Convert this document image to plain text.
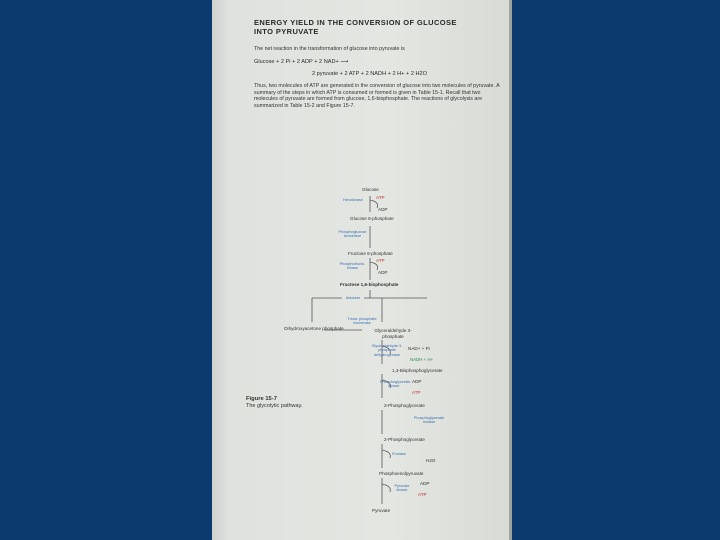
ENERGY YIELD IN THE CONVERSION OF GLUCOSE
INTO PYRUVATE
The net reaction in the transformation of glucose into pyruvate is
Glucose + 2 Pi + 2 ADP + 2 NAD+ ⟶
2 pyruvate + 2 ATP + 2 NADH + 2 H+ + 2 H2O
Thus, two molecules of ATP are generated in the conversion of glucose into two molecules of pyruvate. A summary of the steps in which ATP is consumed or formed is given in Table 15-1. Recall that two molecules of pyruvate are formed from glucose, 1,6-bisphosphate. The reactions of glycolysis are summarized in Table 15-2 and Figure 15-7.
Glucose
Hexokinase	ATP
ADP
Glucose 6-phosphate
Phosphoglucose isomerase
Fructose 6-phosphate
Phosphofructo-kinase
ATP
ADP
Fructose 1,6-bisphosphate
Aldolase
Triose phosphate isomerase
Dihydroxyacetone phosphate	Glyceraldehyde 3-phosphate
Glyceraldehyde 3-phosphate dehydrogenase
NAD+ + Pi
NADH + H+
1,3-Bisphosphoglycerate
Phosphoglycerate kinase
ADP
ATP
3-Phosphoglycerate
Phosphoglycerate mutase
2-Phosphoglycerate
Enolase
H2O
Phosphoenolpyruvate
Pyruvate kinase
ADP
ATP
Pyruvate
Figure 15-7
The glycolytic pathway.
